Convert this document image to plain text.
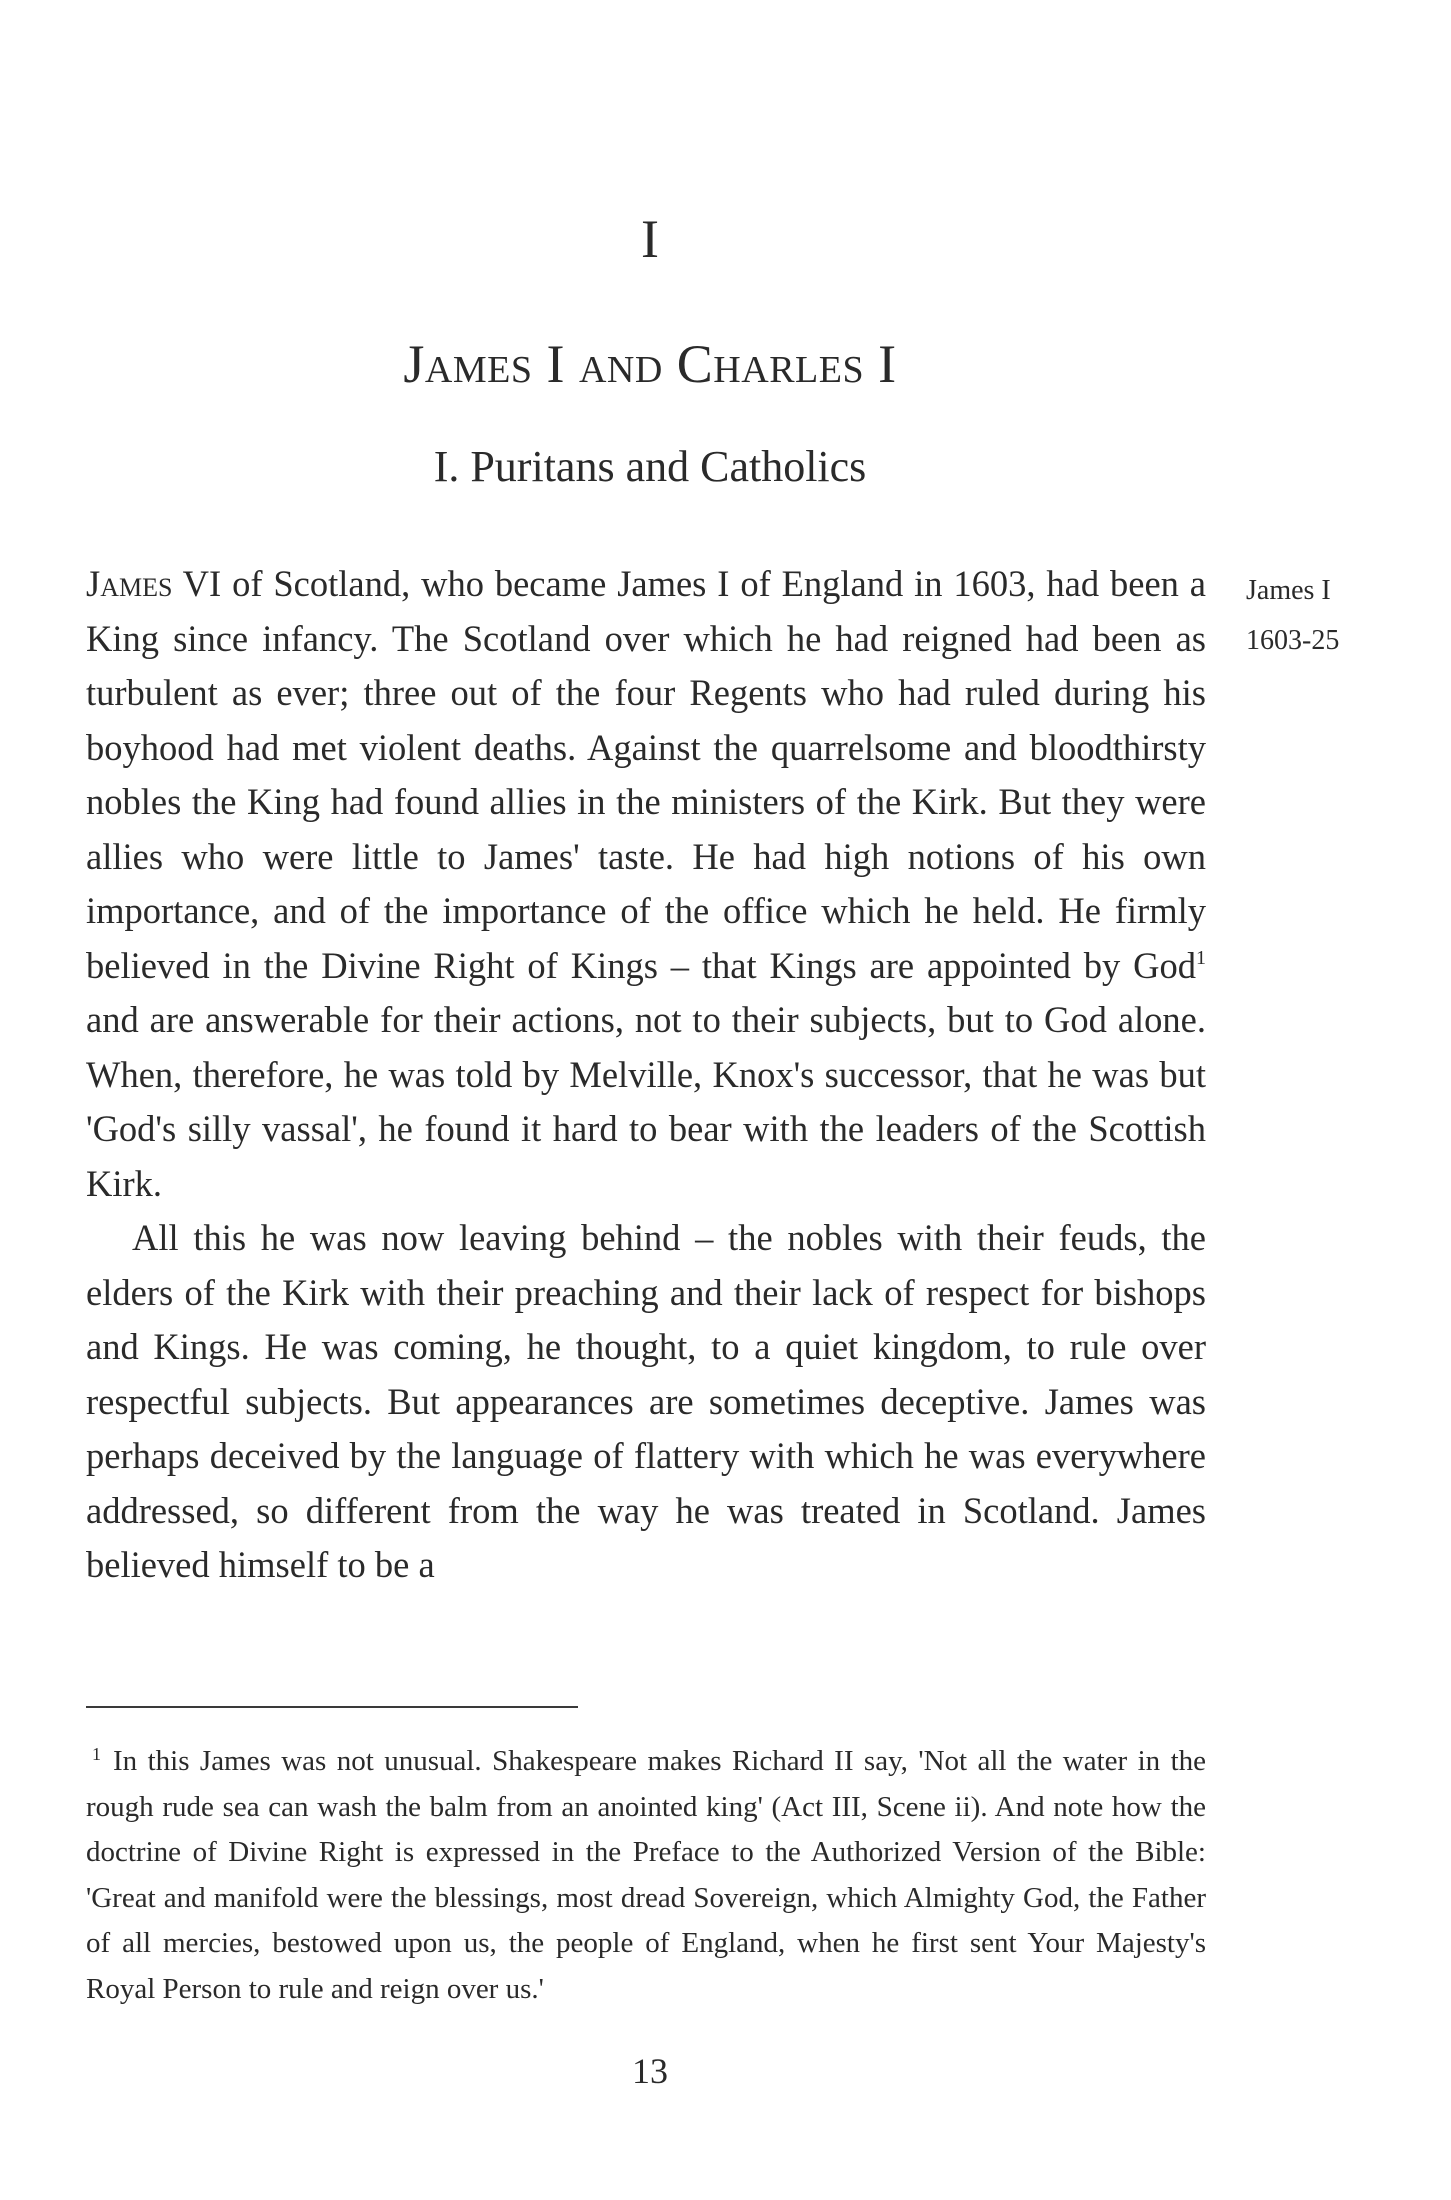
I
James I and Charles I
I. Puritans and Catholics

James VI of Scotland, who became James I of England in 1603, had been a King since infancy. The Scotland over which he had reigned had been as turbulent as ever; three out of the four Regents who had ruled during his boyhood had met violent deaths. Against the quarrelsome and bloodthirsty nobles the King had found allies in the ministers of the Kirk. But they were allies who were little to James' taste. He had high notions of his own importance, and of the importance of the office which he held. He firmly believed in the Divine Right of Kings – that Kings are appointed by God$^1$ and are answerable for their actions, not to their subjects, but to God alone. When, therefore, he was told by Melville, Knox's successor, that he was but 'God's silly vassal', he found it hard to bear with the leaders of the Scottish Kirk.

All this he was now leaving behind – the nobles with their feuds, the elders of the Kirk with their preaching and their lack of respect for bishops and Kings. He was coming, he thought, to a quiet kingdom, to rule over respectful subjects. But appearances are sometimes deceptive. James was perhaps deceived by the language of flattery with which he was everywhere addressed, so different from the way he was treated in Scotland. James believed himself to be a

James I
1603-25

$^1$ In this James was not unusual. Shakespeare makes Richard II say, 'Not all the water in the rough rude sea can wash the balm from an anointed king' (Act III, Scene ii). And note how the doctrine of Divine Right is expressed in the Preface to the Authorized Version of the Bible: 'Great and manifold were the blessings, most dread Sovereign, which Almighty God, the Father of all mercies, bestowed upon us, the people of England, when he first sent Your Majesty's Royal Person to rule and reign over us.'

13
